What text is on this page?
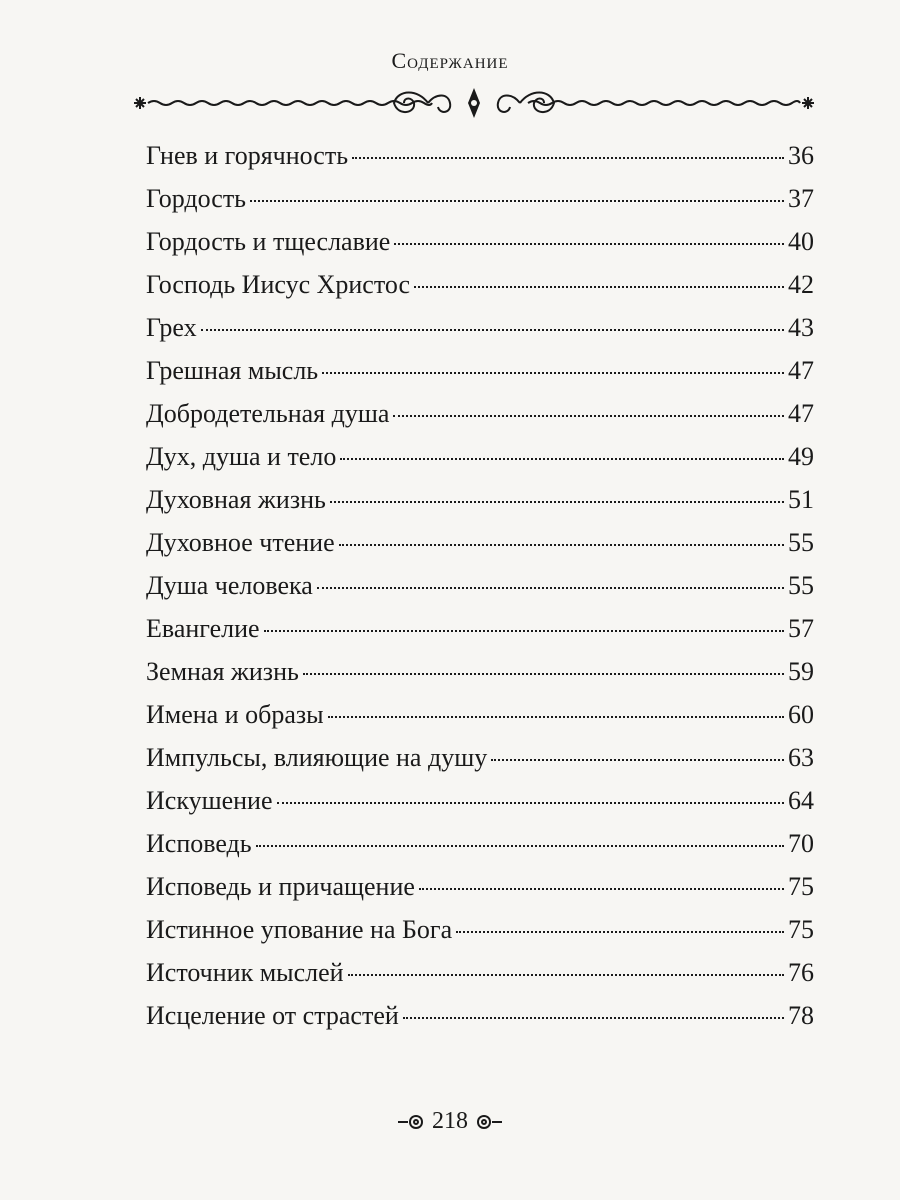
Содержание
Гнев и горячность	36
Гордость	37
Гордость и тщеславие	40
Господь Иисус Христос	42
Грех	43
Грешная мысль	47
Добродетельная душа	47
Дух, душа и тело	49
Духовная жизнь	51
Духовное чтение	55
Душа человека	55
Евангелие	57
Земная жизнь	59
Имена и образы	60
Импульсы, влияющие на душу	63
Искушение	64
Исповедь	70
Исповедь и причащение	75
Истинное упование на Бога	75
Источник мыслей	76
Исцеление от страстей	78
218
